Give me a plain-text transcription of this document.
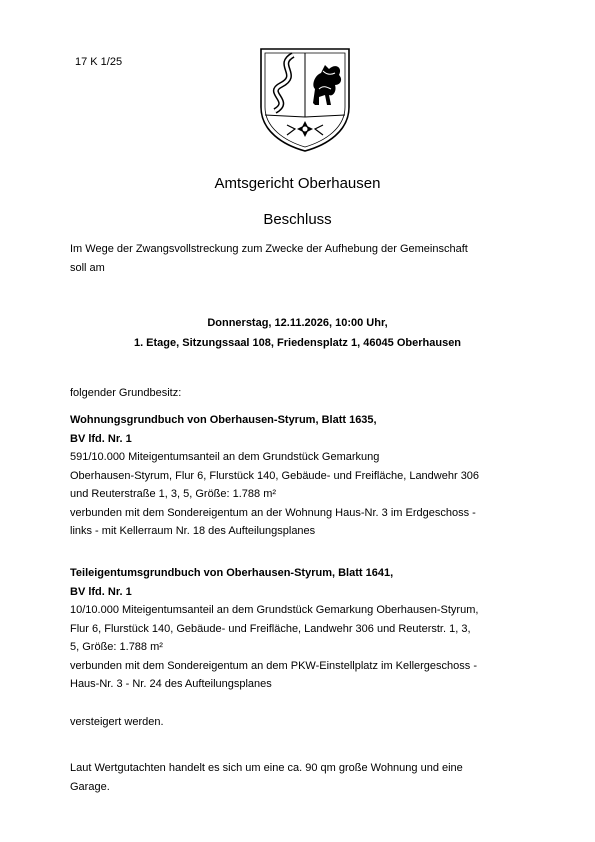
17 K 1/25
Amtsgericht Oberhausen
Beschluss
Im Wege der Zwangsvollstreckung zum Zwecke der Aufhebung der Gemeinschaft
soll am
Donnerstag, 12.11.2026, 10:00 Uhr,
1. Etage, Sitzungssaal 108, Friedensplatz 1, 46045 Oberhausen
folgender Grundbesitz:
Wohnungsgrundbuch von Oberhausen-Styrum, Blatt 1635,
BV lfd. Nr. 1
591/10.000 Miteigentumsanteil an dem Grundstück Gemarkung
Oberhausen-Styrum, Flur 6, Flurstück 140, Gebäude- und Freifläche, Landwehr 306
und Reuterstraße 1, 3, 5, Größe: 1.788 m²
verbunden mit dem Sondereigentum an der Wohnung Haus-Nr. 3 im Erdgeschoss -
links - mit Kellerraum Nr. 18 des Aufteilungsplanes
Teileigentumsgrundbuch von Oberhausen-Styrum, Blatt 1641,
BV lfd. Nr. 1
10/10.000 Miteigentumsanteil an dem Grundstück Gemarkung Oberhausen-Styrum,
Flur 6, Flurstück 140, Gebäude- und Freifläche, Landwehr 306 und Reuterstr. 1, 3,
5, Größe: 1.788 m²
verbunden mit dem Sondereigentum an dem PKW-Einstellplatz im Kellergeschoss -
Haus-Nr. 3 - Nr. 24 des Aufteilungsplanes
versteigert werden.
Laut Wertgutachten handelt es sich um eine ca. 90 qm große Wohnung und eine
Garage.
